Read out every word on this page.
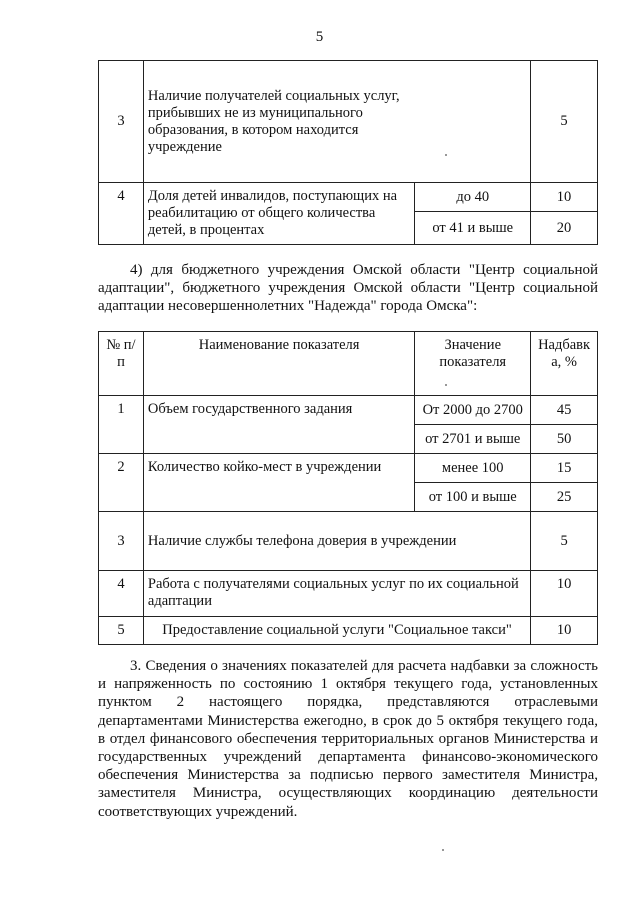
5
3	Наличие получателей социальных услуг, прибывших не из муниципального образования, в котором находится учреждение		5
4	Доля детей инвалидов, поступающих на реабилитацию от общего количества детей, в процентах	до 40	10
		от 41 и выше	20
4) для бюджетного учреждения Омской области "Центр социальной адаптации", бюджетного учреждения Омской области "Центр социальной адаптации несовершеннолетних "Надежда" города Омска":
№ п/п	Наименование показателя	Значение показателя	Надбавка, %
1	Объем государственного задания	От 2000 до 2700	45
		от 2701 и выше	50
2	Количество койко-мест в учреждении	менее 100	15
		от 100 и выше	25
3	Наличие службы телефона доверия в учреждении		5
4	Работа с получателями социальных услуг по их социальной адаптации		10
5	Предоставление социальной услуги "Социальное такси"		10
3. Сведения о значениях показателей для расчета надбавки за сложность и напряженность по состоянию 1 октября текущего года, установленных пунктом 2 настоящего порядка, представляются отраслевыми департаментами Министерства ежегодно, в срок до 5 октября текущего года, в отдел финансового обеспечения территориальных органов Министерства и государственных учреждений департамента финансово-экономического обеспечения Министерства за подписью первого заместителя Министра, заместителя Министра, осуществляющих координацию деятельности соответствующих учреждений.
